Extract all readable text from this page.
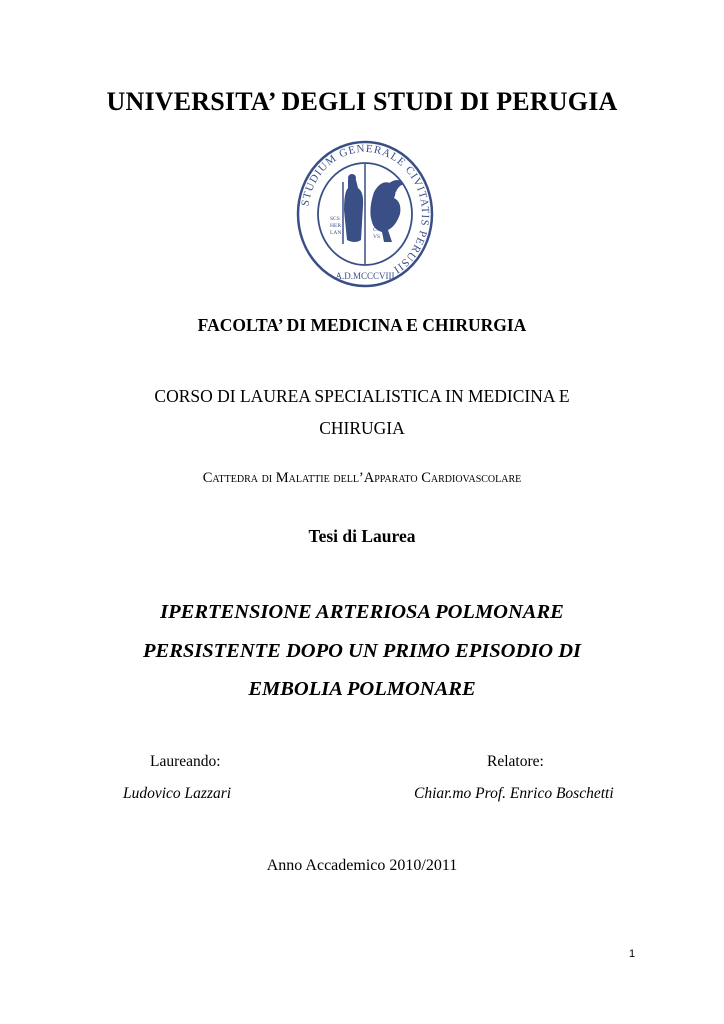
UNIVERSITA’ DEGLI STUDI DI PERUGIA
STUDIUM GENERALE CIVITATIS PERUSII
A.D.MCCCVIII
SCS
HER
LAN	CV
VS
FACOLTA’ DI MEDICINA E CHIRURGIA
CORSO DI LAUREA SPECIALISTICA IN MEDICINA E
CHIRUGIA
Cattedra di Malattie dell’Apparato Cardiovascolare
Tesi di Laurea
IPERTENSIONE ARTERIOSA POLMONARE
PERSISTENTE DOPO UN PRIMO EPISODIO DI
EMBOLIA POLMONARE
Laureando:	Relatore:
Ludovico Lazzari	Chiar.mo Prof. Enrico Boschetti
Anno Accademico 2010/2011
1
